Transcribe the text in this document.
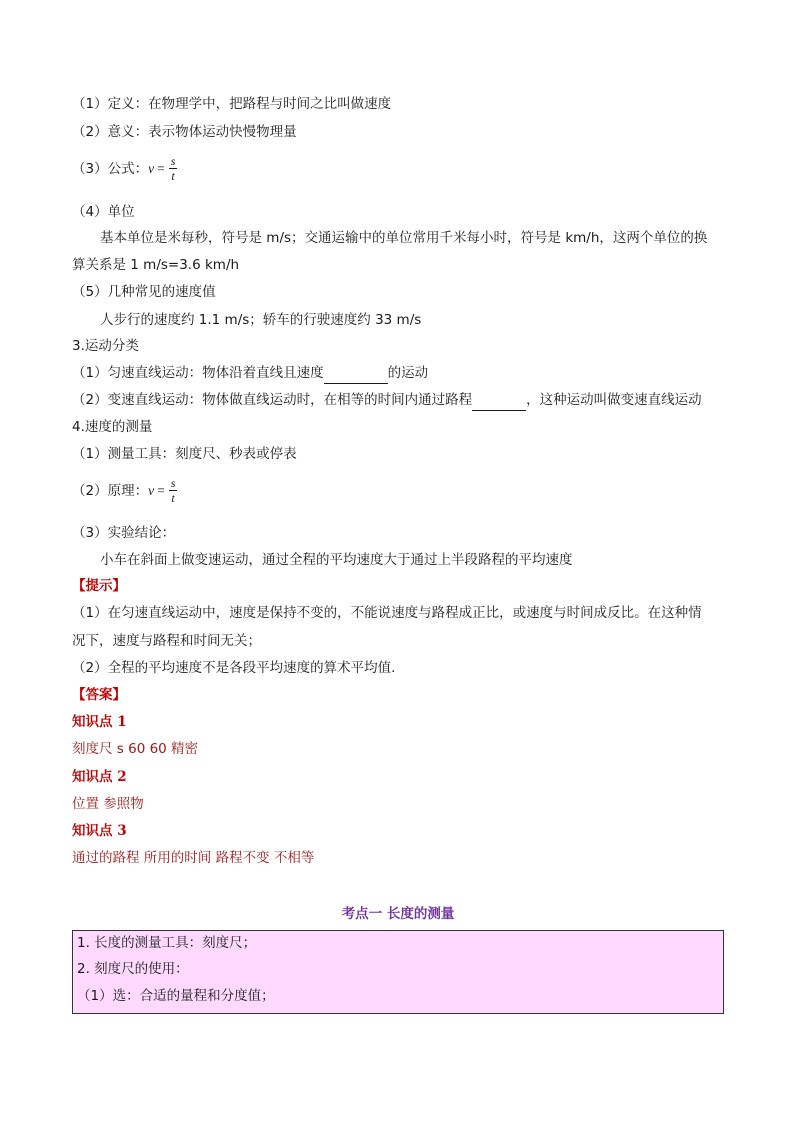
（1）定义：在物理学中，把路程与时间之比叫做速度
（2）意义：表示物体运动快慢物理量
（3）公式： $v = \frac{s}{t}$
（4）单位
基本单位是米每秒，符号是 m/s；交通运输中的单位常用千米每小时，符号是 km/h，这两个单位的换
算关系是 1 m/s=3.6 km/h
（5）几种常见的速度值
人步行的速度约 1.1 m/s；轿车的行驶速度约 33 m/s
3.运动分类
（1）匀速直线运动：物体沿着直线且速度	的运动
（2）变速直线运动：物体做直线运动时，在相等的时间内通过路程	，这种运动叫做变速直线运动
4.速度的测量
（1）测量工具：刻度尺、秒表或停表
（2）原理： $v = \frac{s}{t}$
（3）实验结论：
小车在斜面上做变速运动，通过全程的平均速度大于通过上半段路程的平均速度
【提示】
（1）在匀速直线运动中，速度是保持不变的，不能说速度与路程成正比，或速度与时间成反比。在这种情
况下，速度与路程和时间无关；
（2）全程的平均速度不是各段平均速度的算术平均值.
【答案】
知识点 1
刻度尺 s 60 60 精密
知识点 2
位置 参照物
知识点 3
通过的路程 所用的时间 路程不变 不相等
考点一 长度的测量
1. 长度的测量工具：刻度尺；
2. 刻度尺的使用：
（1）选：合适的量程和分度值；
